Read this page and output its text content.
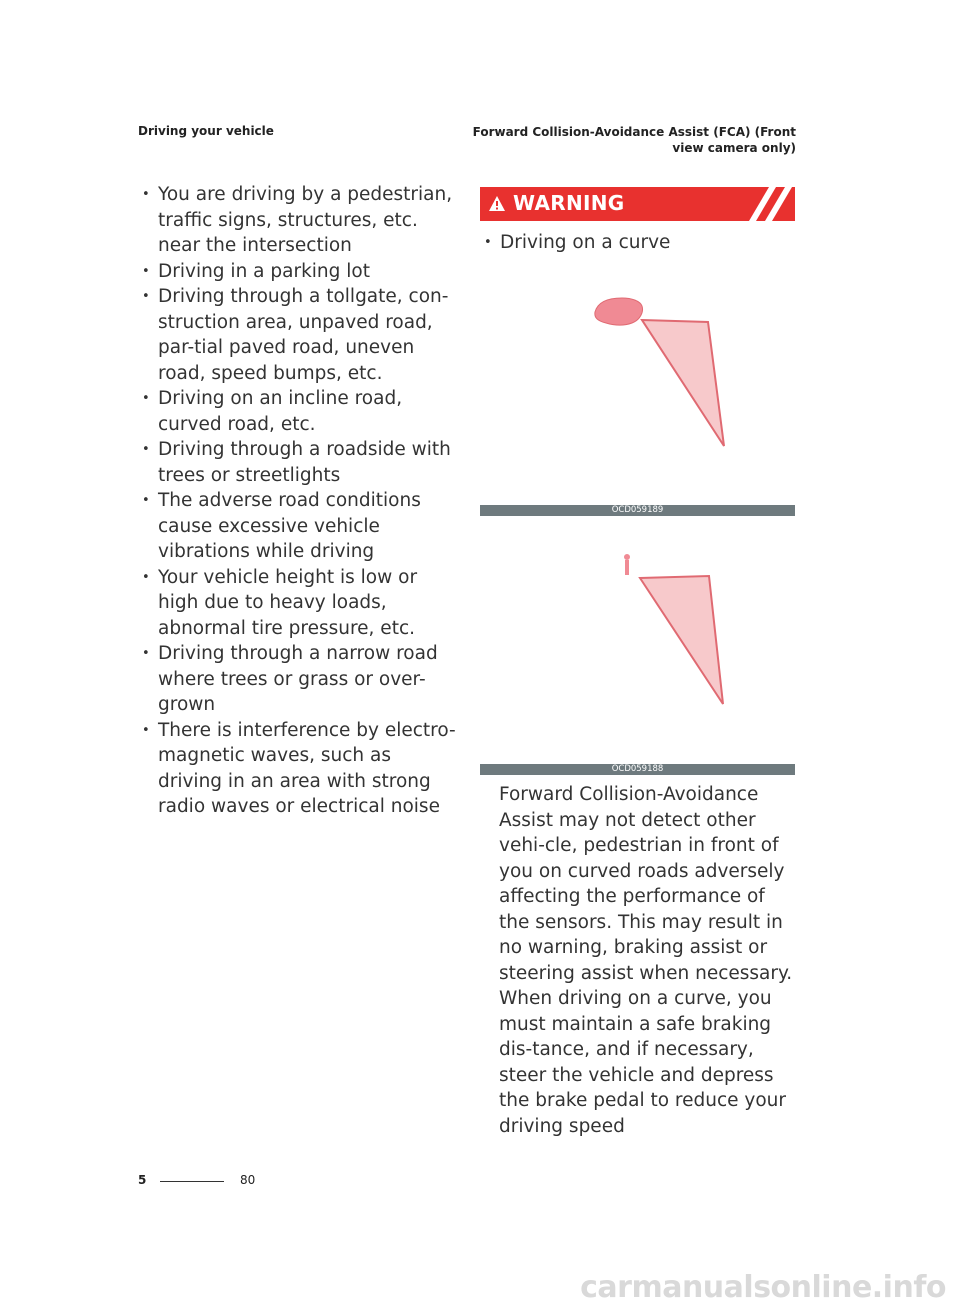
Driving your vehicle	Forward Collision-Avoidance Assist (FCA) (Front
view camera only)
• You are driving by a pedestrian, traffic signs, structures, etc. near the intersection
• Driving in a parking lot
• Driving through a tollgate, con-struction area, unpaved road, par-tial paved road, uneven road, speed bumps, etc.
• Driving on an incline road, curved road, etc.
• Driving through a roadside with trees or streetlights
• The adverse road conditions cause excessive vehicle vibrations while driving
• Your vehicle height is low or high due to heavy loads, abnormal tire pressure, etc.
• Driving through a narrow road where trees or grass or over-grown
• There is interference by electro-magnetic waves, such as driving in an area with strong radio waves or electrical noise
WARNING
• Driving on a curve
OCD059189
OCD059188
Forward Collision-Avoidance Assist may not detect other vehi-cle, pedestrian in front of you on curved roads adversely affecting the performance of the sensors. This may result in no warning, braking assist or steering assist when necessary.
When driving on a curve, you must maintain a safe braking dis-tance, and if necessary, steer the vehicle and depress the brake pedal to reduce your driving speed
5	80
carmanualsonline.info
